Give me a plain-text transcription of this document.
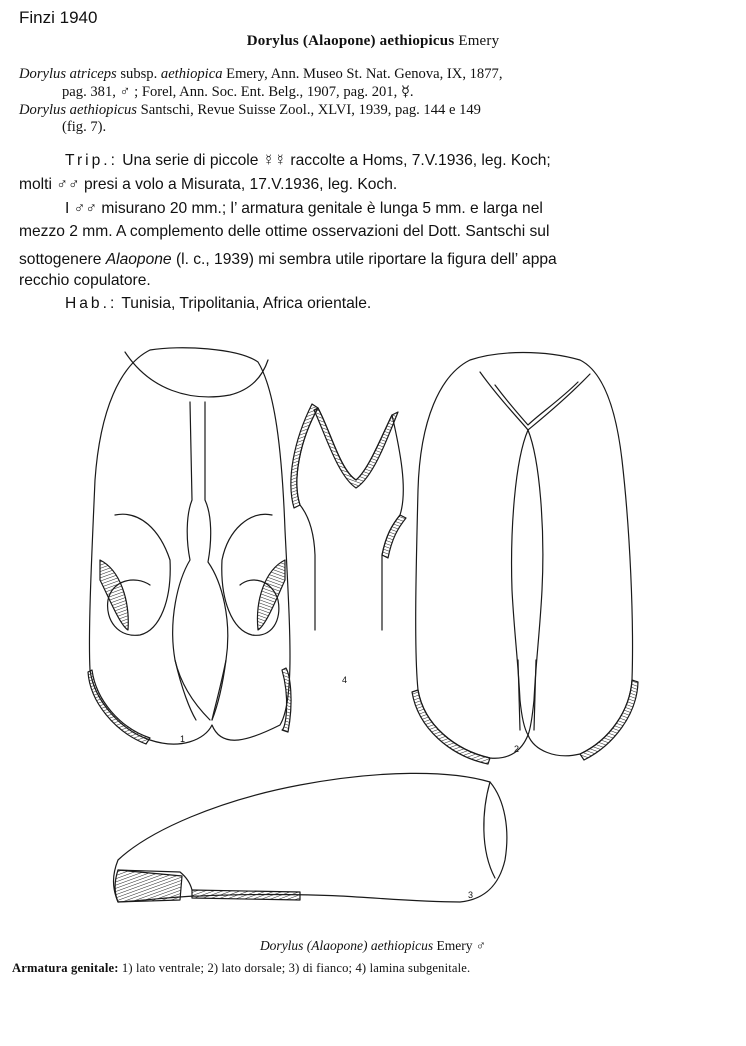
Finzi 1940
Dorylus (Alaopone) aethiopicus Emery
Dorylus atriceps subsp. aethiopica Emery, Ann. Museo St. Nat. Genova, IX, 1877,
pag. 381, ♂ ; Forel, Ann. Soc. Ent. Belg., 1907, pag. 201, ☿.
Dorylus aethiopicus Santschi, Revue Suisse Zool., XLVI, 1939, pag. 144 e 149
(fig. 7).
Trip.: Una serie di piccole ☿☿ raccolte a Homs, 7.V.1936, leg. Koch;
molti ♂♂ presi a volo a Misurata, 17.V.1936, leg. Koch.
I ♂♂ misurano 20 mm.; l’ armatura genitale è lunga 5 mm. e larga nel
mezzo 2 mm. A complemento delle ottime osservazioni del Dott. Santschi sul
sottogenere Alaopone (l. c., 1939) mi sembra utile riportare la figura dell’ appa
recchio copulatore.
Hab.: Tunisia, Tripolitania, Africa orientale.
1
2
3
4
Dorylus (Alaopone) aethiopicus Emery ♂
Armatura genitale: 1) lato ventrale; 2) lato dorsale; 3) di fianco; 4) lamina subgenitale.
